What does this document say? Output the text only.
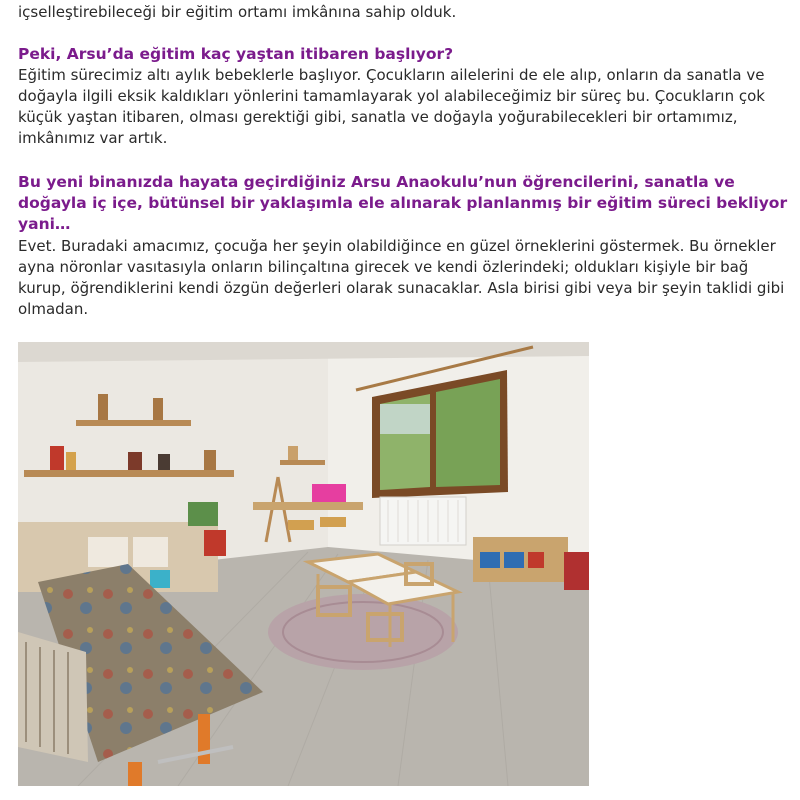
içselleştirebileceği bir eğitim ortamı imkânına sahip olduk.

Peki, Arsu’da eğitim kaç yaştan itibaren başlıyor?

Eğitim sürecimiz altı aylık bebeklerle başlıyor. Çocukların ailelerini de ele alıp, onların da sanatla ve doğayla ilgili eksik kaldıkları yönlerini tamamlayarak yol alabileceğimiz bir süreç bu. Çocukların çok küçük yaştan itibaren, olması gerektiği gibi, sanatla ve doğayla yoğurabilecekleri bir ortamımız, imkânımız var artık.

Bu yeni binanızda hayata geçirdiğiniz Arsu Anaokulu’nun öğrencilerini, sanatla ve doğayla iç içe, bütünsel bir yaklaşımla ele alınarak planlanmış bir eğitim süreci bekliyor yani…

Evet. Buradaki amacımız, çocuğa her şeyin olabildiğince en güzel örneklerini göstermek. Bu örnekler ayna nöronlar vasıtasıyla onların bilinçaltına girecek ve kendi özlerindeki; oldukları kişiyle bir bağ kurup, öğrendiklerini kendi özgün değerleri olarak sunacaklar. Asla birisi gibi veya bir şeyin taklidi gibi olmadan.
